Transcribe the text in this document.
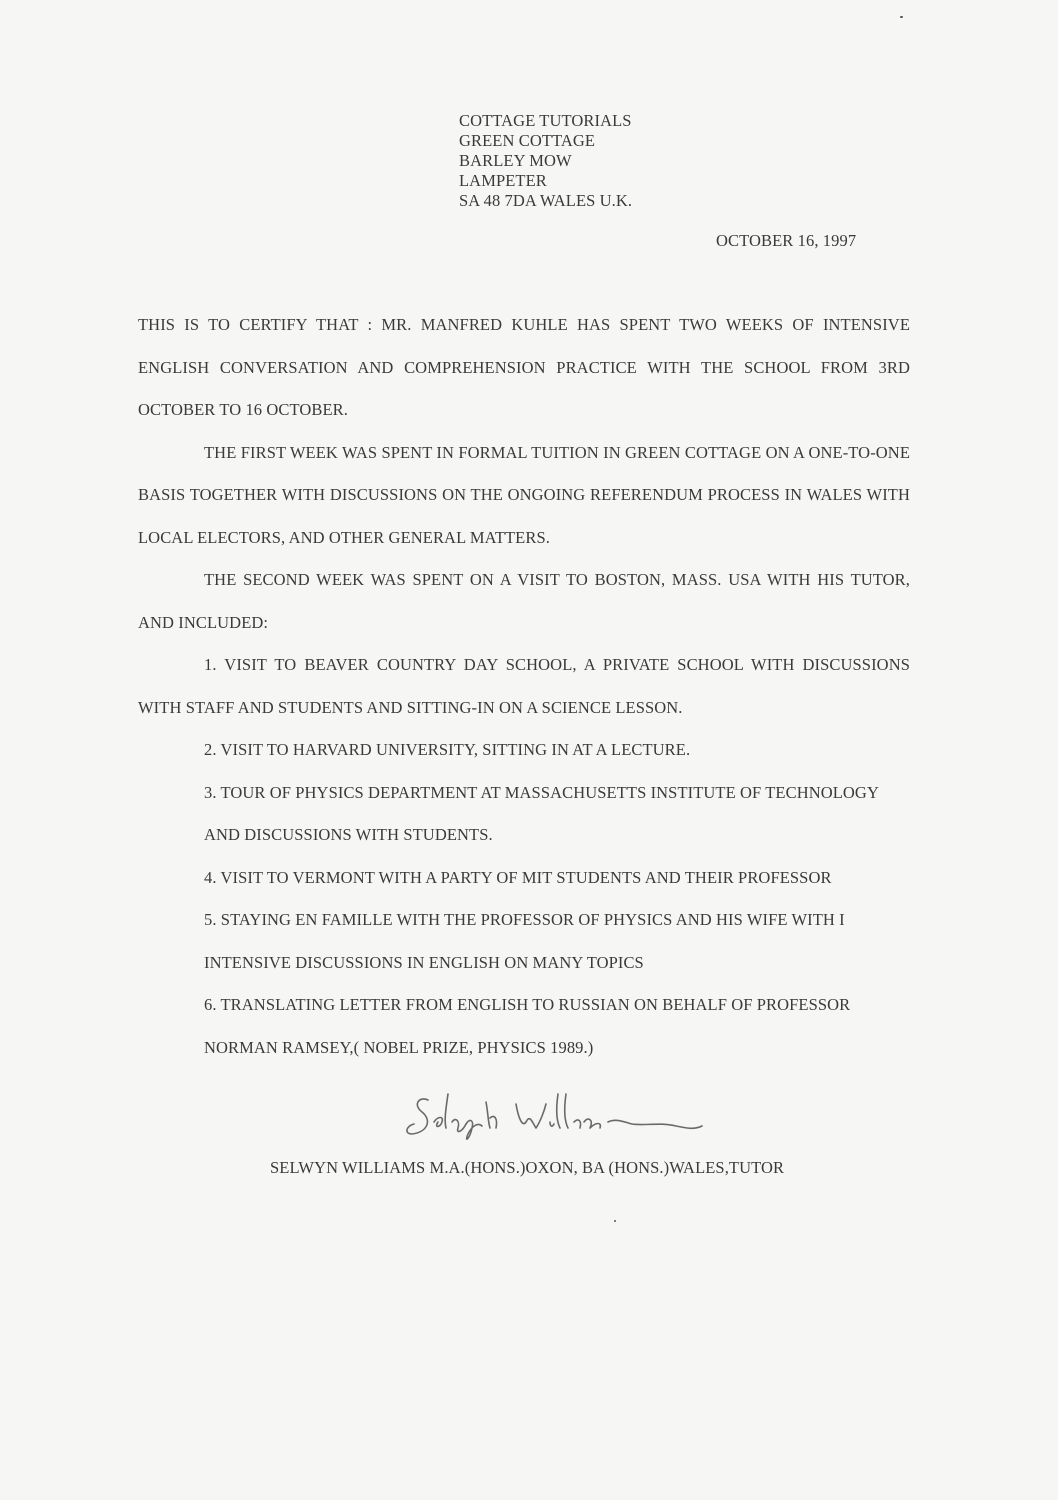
COTTAGE TUTORIALS
GREEN COTTAGE
BARLEY MOW
LAMPETER
SA 48 7DA WALES U.K.
OCTOBER 16, 1997

THIS IS TO CERTIFY THAT : MR. MANFRED KUHLE HAS SPENT TWO WEEKS OF INTENSIVE ENGLISH CONVERSATION AND COMPREHENSION PRACTICE WITH THE SCHOOL FROM 3RD OCTOBER TO 16 OCTOBER.

THE FIRST WEEK WAS SPENT IN FORMAL TUITION IN GREEN COTTAGE ON A ONE-TO-ONE BASIS TOGETHER WITH DISCUSSIONS ON THE ONGOING REFERENDUM PROCESS IN WALES WITH LOCAL ELECTORS, AND OTHER GENERAL MATTERS.

THE SECOND WEEK WAS SPENT ON A VISIT TO BOSTON, MASS. USA WITH HIS TUTOR, AND INCLUDED:

1. VISIT TO BEAVER COUNTRY DAY SCHOOL, A PRIVATE SCHOOL WITH DISCUSSIONS WITH STAFF AND STUDENTS AND SITTING-IN ON A SCIENCE LESSON.

2. VISIT TO HARVARD UNIVERSITY, SITTING IN AT A LECTURE.

3. TOUR OF PHYSICS DEPARTMENT AT MASSACHUSETTS INSTITUTE OF TECHNOLOGY AND DISCUSSIONS WITH STUDENTS.

4. VISIT TO VERMONT WITH A PARTY OF MIT STUDENTS AND THEIR PROFESSOR

5. STAYING EN FAMILLE WITH THE PROFESSOR OF PHYSICS AND HIS WIFE WITH I INTENSIVE DISCUSSIONS IN ENGLISH ON MANY TOPICS

6. TRANSLATING LETTER FROM ENGLISH TO RUSSIAN ON BEHALF OF PROFESSOR NORMAN RAMSEY,( NOBEL PRIZE, PHYSICS 1989.)

SELWYN WILLIAMS M.A.(HONS.)OXON, BA (HONS.)WALES,TUTOR
